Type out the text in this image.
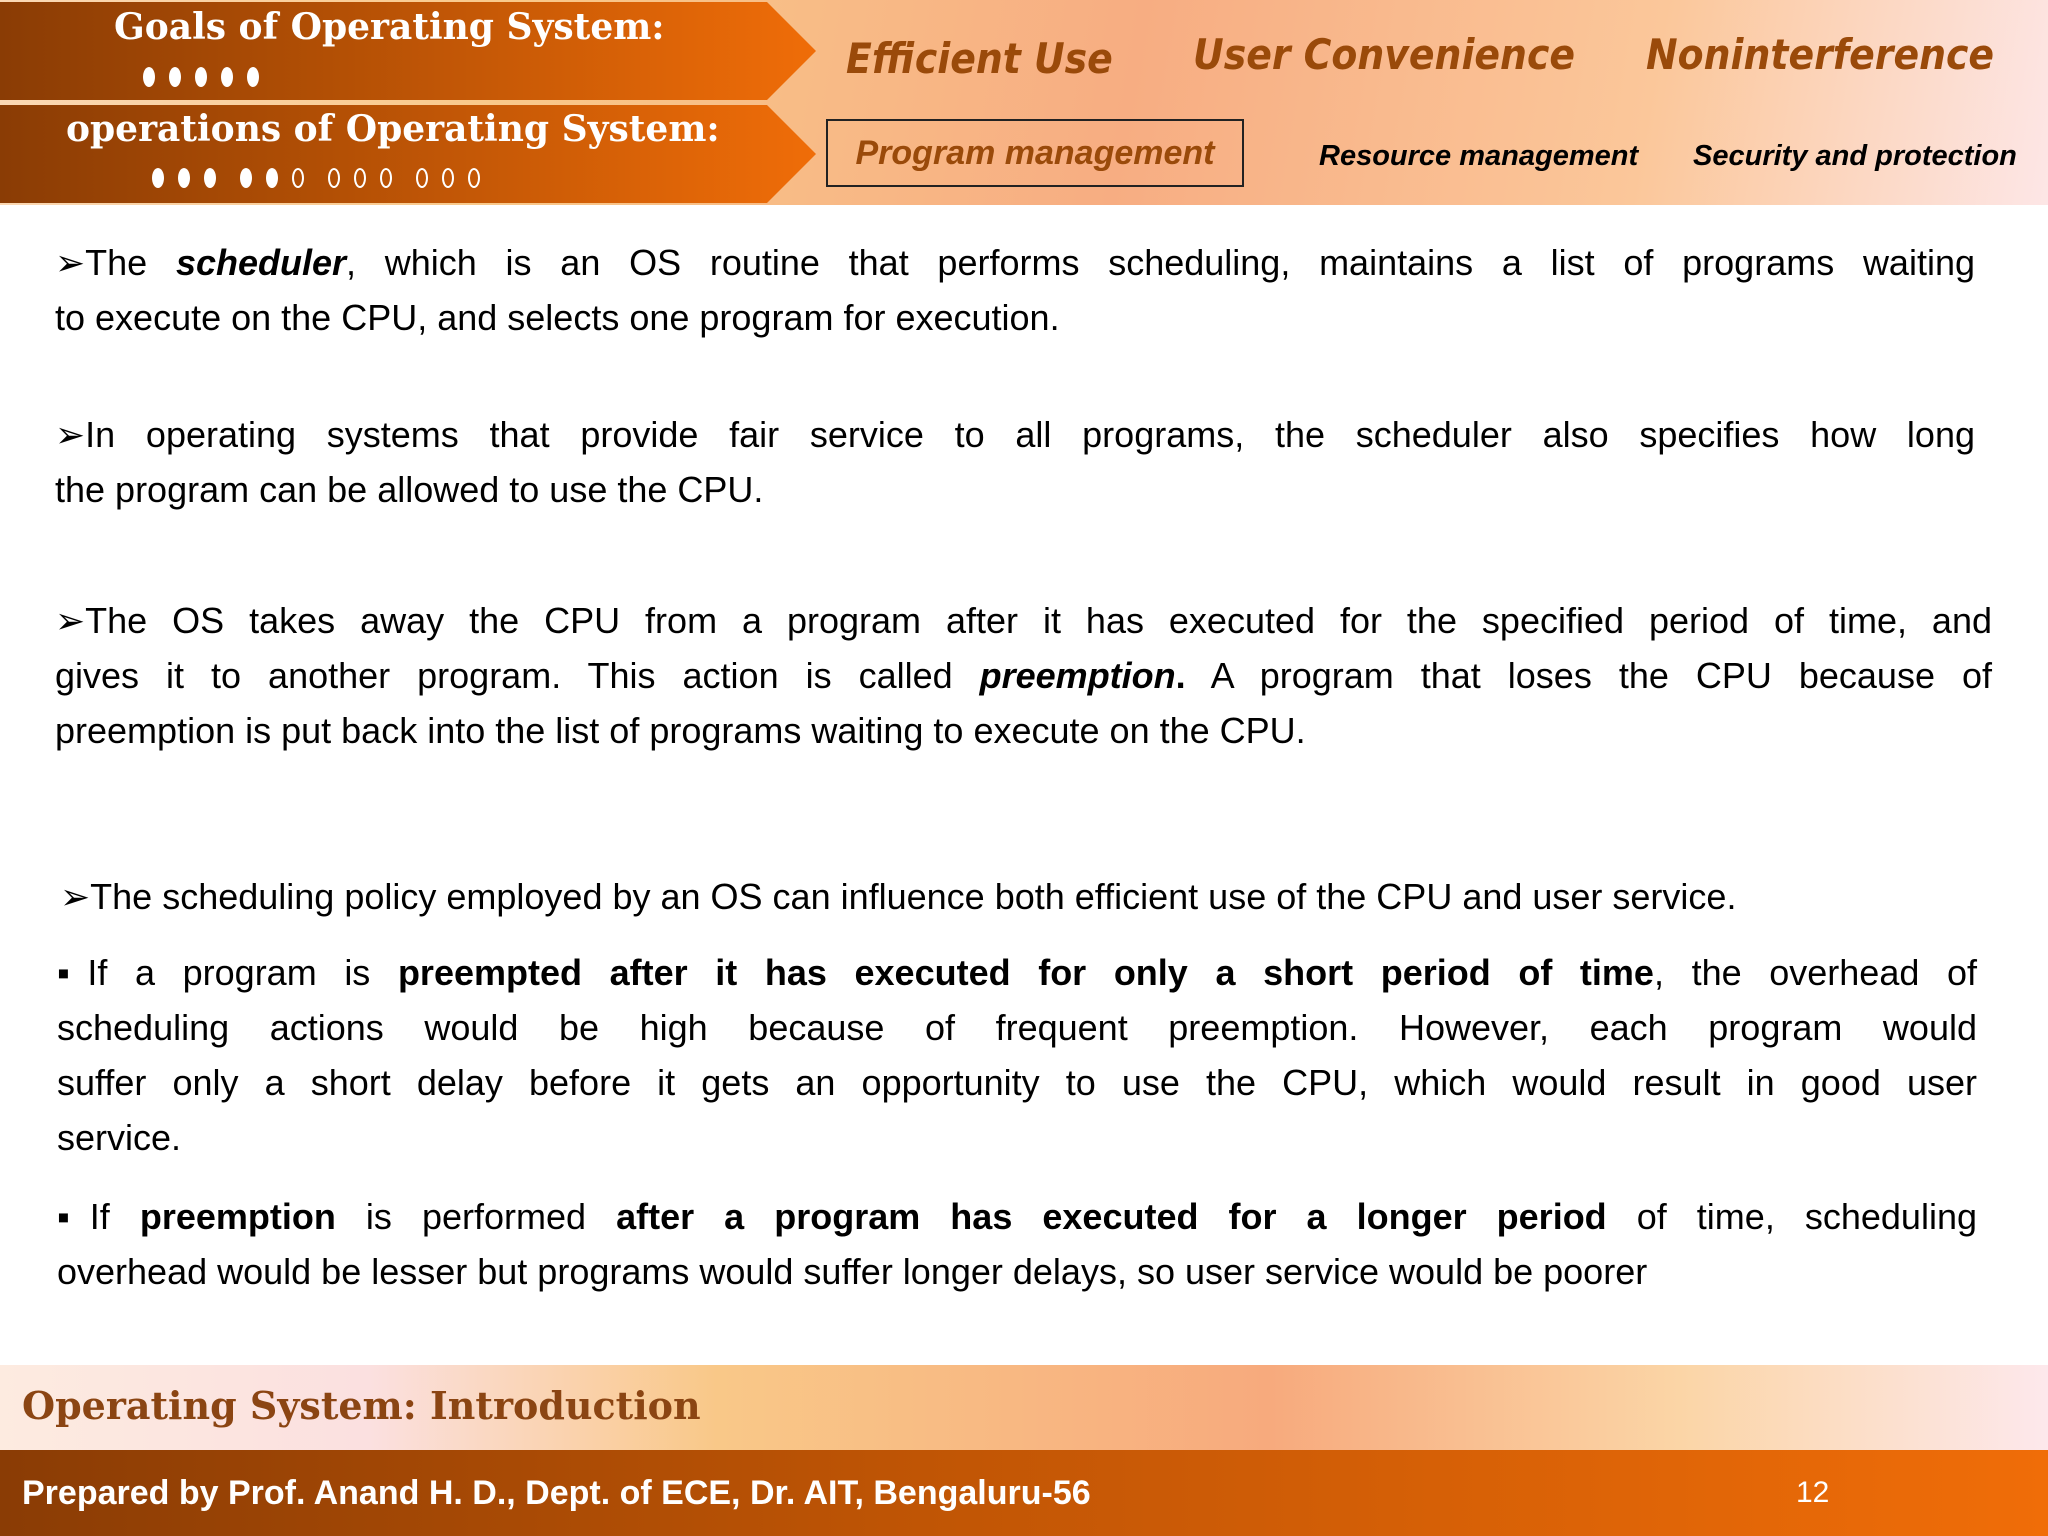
Goals of Operating System:
operations of Operating System:
Efficient Use User Convenience Noninterference
Program management	Resource management Security and protection
➢The scheduler, which is an OS routine that performs scheduling, maintains a list of programs waiting
to execute on the CPU, and selects one program for execution.
➢In operating systems that provide fair service to all programs, the scheduler also specifies how long
the program can be allowed to use the CPU.
➢The OS takes away the CPU from a program after it has executed for the specified period of time, and
gives it to another program. This action is called preemption. A program that loses the CPU because of
preemption is put back into the list of programs waiting to execute on the CPU.
➢The scheduling policy employed by an OS can influence both efficient use of the CPU and user service.
▪If a program is preempted after it has executed for only a short period of time, the overhead of
scheduling actions would be high because of frequent preemption. However, each program would
suffer only a short delay before it gets an opportunity to use the CPU, which would result in good user
service.
▪If preemption is performed after a program has executed for a longer period of time, scheduling
overhead would be lesser but programs would suffer longer delays, so user service would be poorer
Operating System: Introduction
Prepared by Prof. Anand H. D., Dept. of ECE, Dr. AIT, Bengaluru-56	12
